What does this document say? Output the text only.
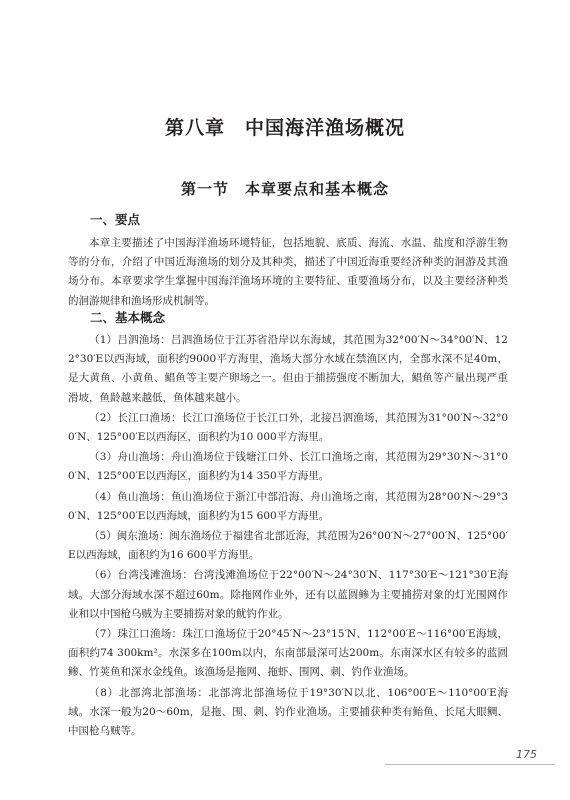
第八章　中国海洋渔场概况
第一节　本章要点和基本概念
一、要点

本章主要描述了中国海洋渔场环境特征，包括地貌、底质、海流、水温、盐度和浮游生物等的分布，介绍了中国近海渔场的划分及其种类，描述了中国近海重要经济种类的洄游及其渔场分布。本章要求学生掌握中国海洋渔场环境的主要特征、重要渔场分布，以及主要经济种类的洄游规律和渔场形成机制等。

二、基本概念

（1）吕泗渔场：吕泗渔场位于江苏省沿岸以东海域，其范围为32°00′N～34°00′N、122°30′E以西海域，面积约9000平方海里，渔场大部分水域在禁渔区内，全部水深不足40m，是大黄鱼、小黄鱼、鲳鱼等主要产卵场之一。但由于捕捞强度不断加大，鲳鱼等产量出现严重滑坡，鱼龄越来越低，鱼体越来越小。

（2）长江口渔场：长江口渔场位于长江口外，北接吕泗渔场，其范围为31°00′N～32°00′N、125°00′E以西海区，面积约为10 000平方海里。

（3）舟山渔场：舟山渔场位于钱塘江口外、长江口渔场之南，其范围为29°30′N～31°00′N、125°00′E以西海区，面积约为14 350平方海里。

（4）鱼山渔场：鱼山渔场位于浙江中部沿海、舟山渔场之南，其范围为28°00′N～29°30′N、125°00′E以西海域，面积约为15 600平方海里。

（5）闽东渔场：闽东渔场位于福建省北部近海，其范围为26°00′N～27°00′N、125°00′E以西海域，面积约为16 600平方海里。

（6）台湾浅滩渔场：台湾浅滩渔场位于22°00′N～24°30′N、117°30′E～121°30′E海域。大部分海域水深不超过60m。除拖网作业外，还有以蓝圆鲹为主要捕捞对象的灯光围网作业和以中国枪乌贼为主要捕捞对象的鱿钓作业。

（7）珠江口渔场：珠江口渔场位于20°45′N～23°15′N、112°00′E～116°00′E海域，面积约74 300km²。水深多在100m以内，东南部最深可达200m。东南深水区有较多的蓝圆鲹、竹荚鱼和深水金线鱼。该渔场是拖网、拖虾、围网、刺、钓作业渔场。

（8）北部湾北部渔场：北部湾北部渔场位于19°30′N以北、106°00′E～110°00′E海域。水深一般为20～60m，是拖、围、刺、钓作业渔场。主要捕获种类有鲐鱼、长尾大眼鲷、中国枪乌贼等。

175
